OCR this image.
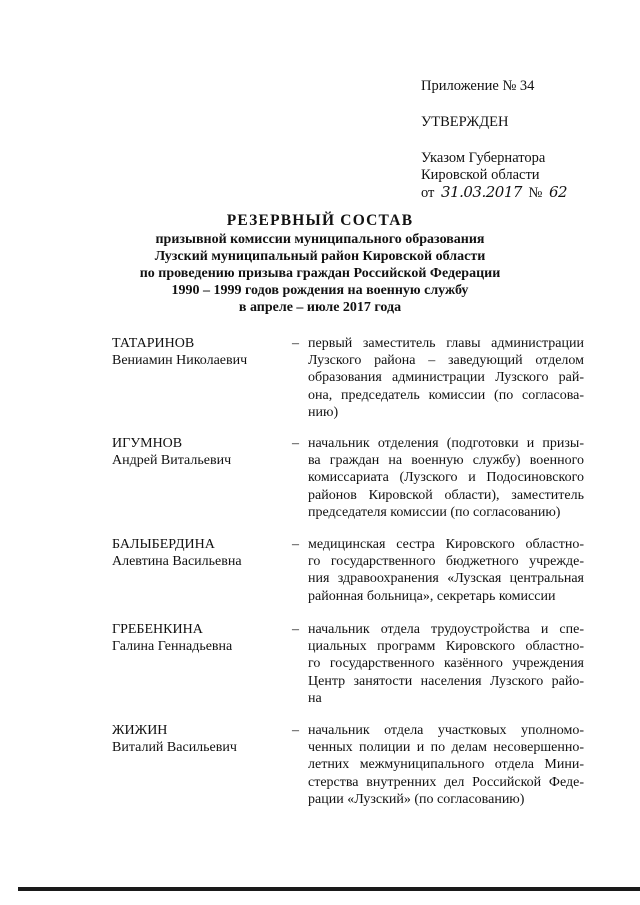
Приложение № 34
УТВЕРЖДЕН
Указом Губернатора
Кировской области
от 31.03.2017 № 62
РЕЗЕРВНЫЙ СОСТАВ
призывной комиссии муниципального образования
Лузский муниципальный район Кировской области
по проведению призыва граждан Российской Федерации
1990 – 1999 годов рождения на военную службу
в апреле – июле 2017 года
ТАТАРИНОВ
Вениамин Николаевич
– первый заместитель главы администрации
Лузского района – заведующий отделом
образования администрации Лузского рай-
она, председатель комиссии (по согласова-
нию)
ИГУМНОВ
Андрей Витальевич
– начальник отделения (подготовки и призы-
ва граждан на военную службу) военного
комиссариата (Лузского и Подосиновского
районов Кировской области), заместитель
председателя комиссии (по согласованию)
БАЛЫБЕРДИНА
Алевтина Васильевна
– медицинская сестра Кировского областно-
го государственного бюджетного учрежде-
ния здравоохранения «Лузская центральная
районная больница», секретарь комиссии
ГРЕБЕНКИНА
Галина Геннадьевна
– начальник отдела трудоустройства и спе-
циальных программ Кировского областно-
го государственного казённого учреждения
Центр занятости населения Лузского райо-
на
ЖИЖИН
Виталий Васильевич
– начальник отдела участковых уполномо-
ченных полиции и по делам несовершенно-
летних межмуниципального отдела Мини-
стерства внутренних дел Российской Феде-
рации «Лузский» (по согласованию)
